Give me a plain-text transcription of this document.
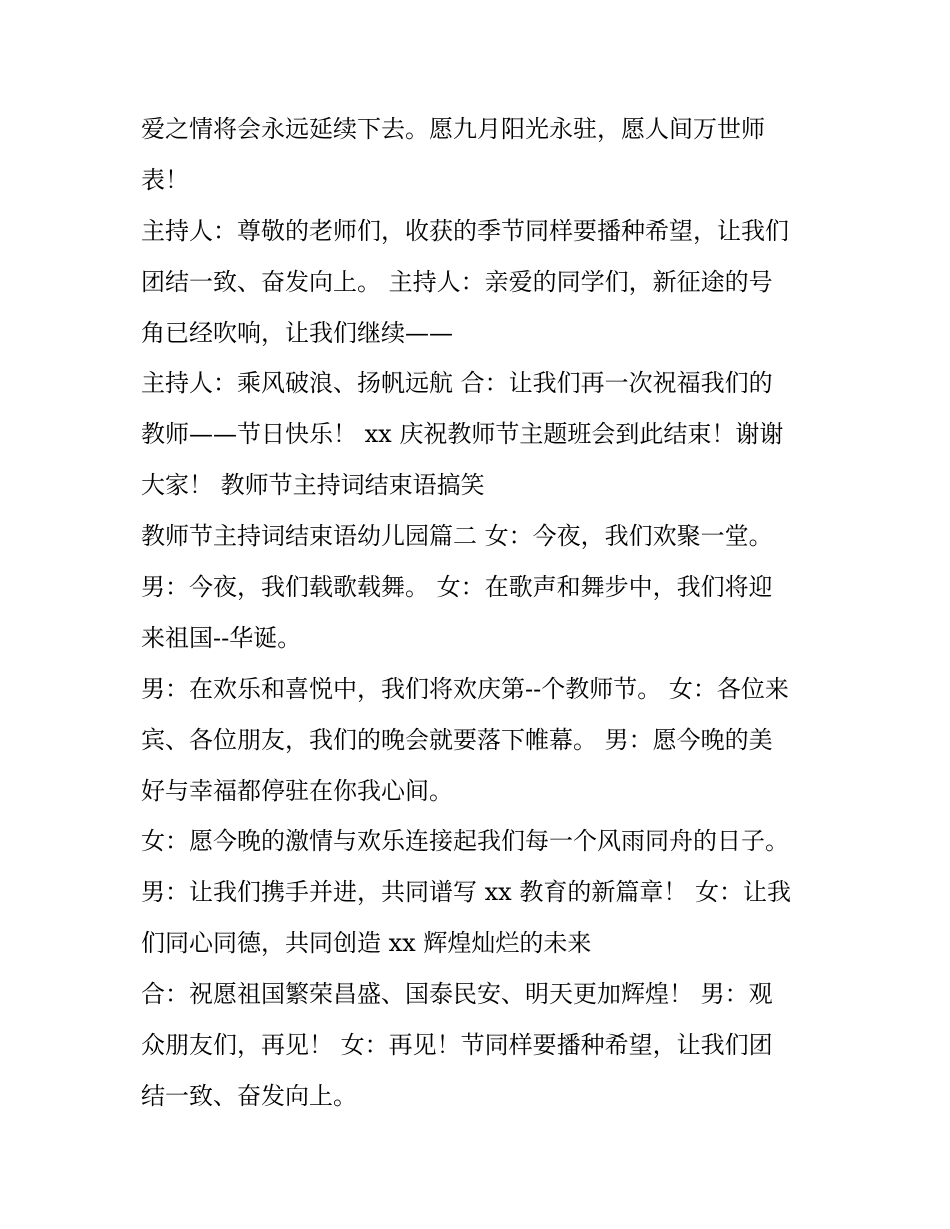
爱之情将会永远延续下去。愿九月阳光永驻，愿人间万世师
表！
主持人：尊敬的老师们，收获的季节同样要播种希望，让我们
团结一致、奋发向上。 主持人：亲爱的同学们，新征途的号
角已经吹响，让我们继续——
主持人：乘风破浪、扬帆远航 合：让我们再一次祝福我们的
教师——节日快乐！ xx 庆祝教师节主题班会到此结束！谢谢
大家！ 教师节主持词结束语搞笑
教师节主持词结束语幼儿园篇二 女：今夜，我们欢聚一堂。
男：今夜，我们载歌载舞。 女：在歌声和舞步中，我们将迎
来祖国--华诞。
男：在欢乐和喜悦中，我们将欢庆第--个教师节。 女：各位来
宾、各位朋友，我们的晚会就要落下帷幕。 男：愿今晚的美
好与幸福都停驻在你我心间。
女：愿今晚的激情与欢乐连接起我们每一个风雨同舟的日子。
男：让我们携手并进，共同谱写 xx 教育的新篇章！ 女：让我
们同心同德，共同创造 xx 辉煌灿烂的未来
合：祝愿祖国繁荣昌盛、国泰民安、明天更加辉煌！ 男：观
众朋友们，再见！ 女：再见！节同样要播种希望，让我们团
结一致、奋发向上。
